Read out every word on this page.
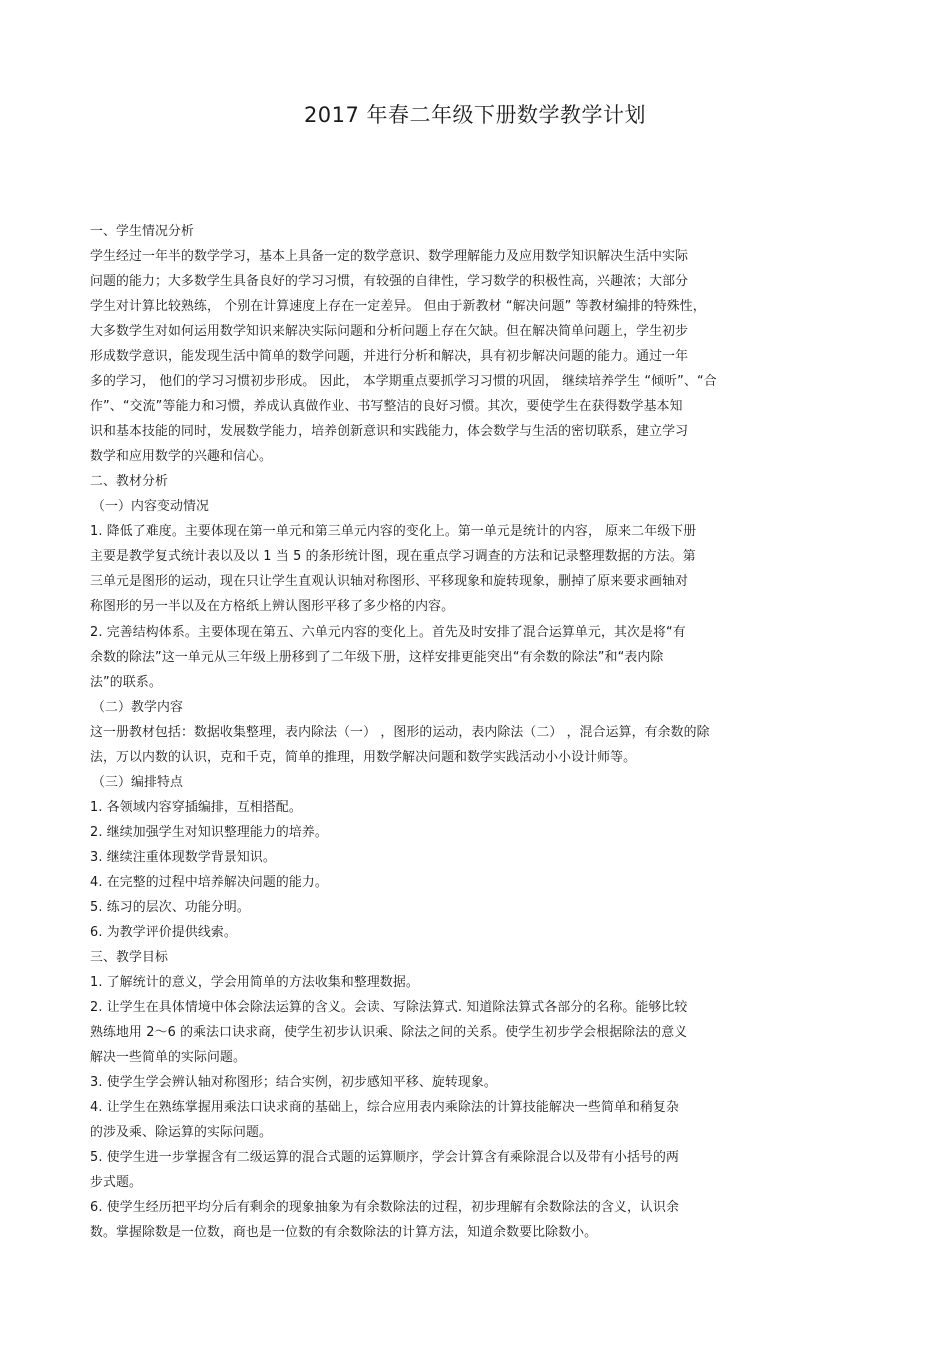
2017 年春二年级下册数学教学计划
一、学生情况分析
学生经过一年半的数学学习，基本上具备一定的数学意识、数学理解能力及应用数学知识解决生活中实际
问题的能力；大多数学生具备良好的学习习惯，有较强的自律性，学习数学的积极性高，兴趣浓；大部分
学生对计算比较熟练， 个别在计算速度上存在一定差异。 但由于新教材 “解决问题” 等教材编排的特殊性，
大多数学生对如何运用数学知识来解决实际问题和分析问题上存在欠缺。但在解决简单问题上，学生初步
形成数学意识，能发现生活中简单的数学问题，并进行分析和解决，具有初步解决问题的能力。通过一年
多的学习， 他们的学习习惯初步形成。 因此， 本学期重点要抓学习习惯的巩固， 继续培养学生 “倾听”、“合
作”、“交流”等能力和习惯，养成认真做作业、书写整洁的良好习惯。其次，要使学生在获得数学基本知
识和基本技能的同时，发展数学能力，培养创新意识和实践能力，体会数学与生活的密切联系，建立学习
数学和应用数学的兴趣和信心。
二、教材分析
（一）内容变动情况
1. 降低了难度。主要体现在第一单元和第三单元内容的变化上。第一单元是统计的内容， 原来二年级下册
主要是教学复式统计表以及以 1 当 5 的条形统计图，现在重点学习调查的方法和记录整理数据的方法。第
三单元是图形的运动，现在只让学生直观认识轴对称图形、平移现象和旋转现象，删掉了原来要求画轴对
称图形的另一半以及在方格纸上辨认图形平移了多少格的内容。
2. 完善结构体系。主要体现在第五、六单元内容的变化上。首先及时安排了混合运算单元，其次是将“有
余数的除法”这一单元从三年级上册移到了二年级下册，这样安排更能突出“有余数的除法”和“表内除
法”的联系。
（二）教学内容
这一册教材包括：数据收集整理，表内除法（一） ，图形的运动，表内除法（二） ，混合运算，有余数的除
法，万以内数的认识，克和千克，简单的推理，用数学解决问题和数学实践活动小小设计师等。
（三）编排特点
1. 各领域内容穿插编排，互相搭配。
2. 继续加强学生对知识整理能力的培养。
3. 继续注重体现数学背景知识。
4. 在完整的过程中培养解决问题的能力。
5. 练习的层次、功能分明。
6. 为教学评价提供线索。
三、教学目标
1. 了解统计的意义，学会用简单的方法收集和整理数据。
2. 让学生在具体情境中体会除法运算的含义。会读、写除法算式. 知道除法算式各部分的名称。能够比较
熟练地用 2～6 的乘法口诀求商，使学生初步认识乘、除法之间的关系。使学生初步学会根据除法的意义
解决一些简单的实际问题。
3. 使学生学会辨认轴对称图形；结合实例，初步感知平移、旋转现象。
4. 让学生在熟练掌握用乘法口诀求商的基础上，综合应用表内乘除法的计算技能解决一些简单和稍复杂
的涉及乘、除运算的实际问题。
5. 使学生进一步掌握含有二级运算的混合式题的运算顺序，学会计算含有乘除混合以及带有小括号的两
步式题。
6. 使学生经历把平均分后有剩余的现象抽象为有余数除法的过程，初步理解有余数除法的含义，认识余
数。掌握除数是一位数，商也是一位数的有余数除法的计算方法，知道余数要比除数小。
